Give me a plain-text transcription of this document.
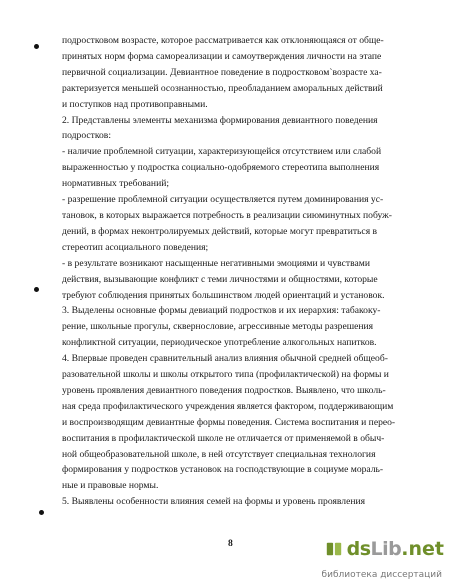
подростковом возрасте, которое рассматривается как отклоняющаяся от обще-
принятых норм форма самореализации и самоутверждения личности на этапе
первичной социализации. Девиантное поведение в подростковом`возрасте ха-
рактеризуется меньшей осознанностью, преобладанием аморальных действий
и поступков над противоправными.
2. Представлены элементы механизма формирования девиантного поведения
подростков:
- наличие проблемной ситуации, характеризующейся отсутствием или слабой
выраженностью у подростка социально-одобряемого стереотипа выполнения
нормативных требований;
- разрешение проблемной ситуации осуществляется путем доминирования ус-
тановок, в которых выражается потребность в реализации сиюминутных побуж-
дений, в формах неконтролируемых действий, которые могут превратиться в
стереотип асоциального поведения;
- в результате возникают насыщенные негативными эмоциями и чувствами
действия, вызывающие конфликт с теми личностями и общностями, которые
требуют соблюдения принятых большинством людей ориентаций и установок.
3. Выделены основные формы девиаций подростков и их иерархия: табакоку-
рение, школьные прогулы, сквернословие, агрессивные методы разрешения
конфликтной ситуации, периодическое употребление алкогольных напитков.
4. Впервые проведен сравнительный анализ влияния обычной средней общеоб-
разовательной школы и школы открытого типа (профилактической) на формы и
уровень проявления девиантного поведения подростков. Выявлено, что школь-
ная среда профилактического учреждения является фактором, поддерживающим
и воспроизводящим девиантные формы поведения. Система воспитания и переo-
воспитания в профилактической школе не отличается от применяемой в обыч-
ной общеобразовательной школе, в ней отсутствует специальная технология
формирования у подростков установок на господствующие в социуме мораль-
ные и правовые нормы.
5. Выявлены особенности влияния семей на формы и уровень проявления
8	ds Lib .net
библиотека диссертаций
